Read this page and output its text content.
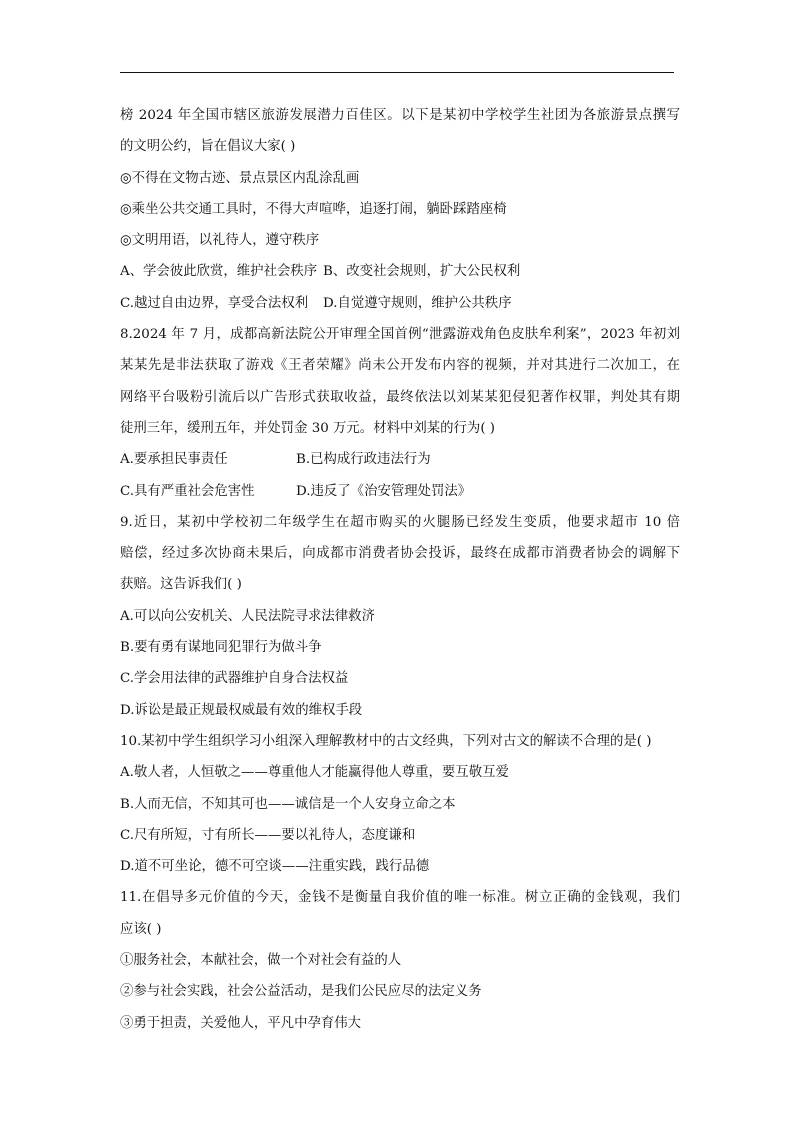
榜 2024 年全国市辖区旅游发展潜力百佳区。以下是某初中学校学生社团为各旅游景点撰写
的文明公约，旨在倡议大家( )
◎不得在文物古迹、景点景区内乱涂乱画
◎乘坐公共交通工具时，不得大声喧哗，追逐打闹，躺卧踩踏座椅
◎文明用语，以礼待人，遵守秩序
A、学会彼此欣赏，维护社会秩序 B、改变社会规则，扩大公民权利
C.越过自由边界，享受合法权利	D.自觉遵守规则，维护公共秩序
8.2024 年 7 月，成都高新法院公开审理全国首例“泄露游戏角色皮肤牟利案”，2023 年初刘
某某先是非法获取了游戏《王者荣耀》尚未公开发布内容的视频，并对其进行二次加工，在
网络平台吸粉引流后以广告形式获取收益，最终依法以刘某某犯侵犯著作权罪，判处其有期
徒刑三年，缓刑五年，并处罚金 30 万元。材料中刘某的行为( )
A.要承担民事责任	B.已构成行政违法行为
C.具有严重社会危害性	D.违反了《治安管理处罚法》
9.近日，某初中学校初二年级学生在超市购买的火腿肠已经发生变质，他要求超市 10 倍
赔偿，经过多次协商未果后，向成都市消费者协会投诉，最终在成都市消费者协会的调解下
获赔。这告诉我们( )
A.可以向公安机关、人民法院寻求法律救济
B.要有勇有谋地同犯罪行为做斗争
C.学会用法律的武器维护自身合法权益
D.诉讼是最正规最权威最有效的维权手段
10.某初中学生组织学习小组深入理解教材中的古文经典，下列对古文的解读不合理的是( )
A.敬人者，人恒敬之——尊重他人才能赢得他人尊重，要互敬互爱
B.人而无信，不知其可也——诚信是一个人安身立命之本
C.尺有所短，寸有所长——要以礼待人，态度谦和
D.道不可坐论，德不可空谈——注重实践，践行品德
11.在倡导多元价值的今天，金钱不是衡量自我价值的唯一标准。树立正确的金钱观，我们
应该( )
①服务社会，本献社会，做一个对社会有益的人
②参与社会实践，社会公益活动，是我们公民应尽的法定义务
③勇于担责，关爱他人，平凡中孕育伟大
